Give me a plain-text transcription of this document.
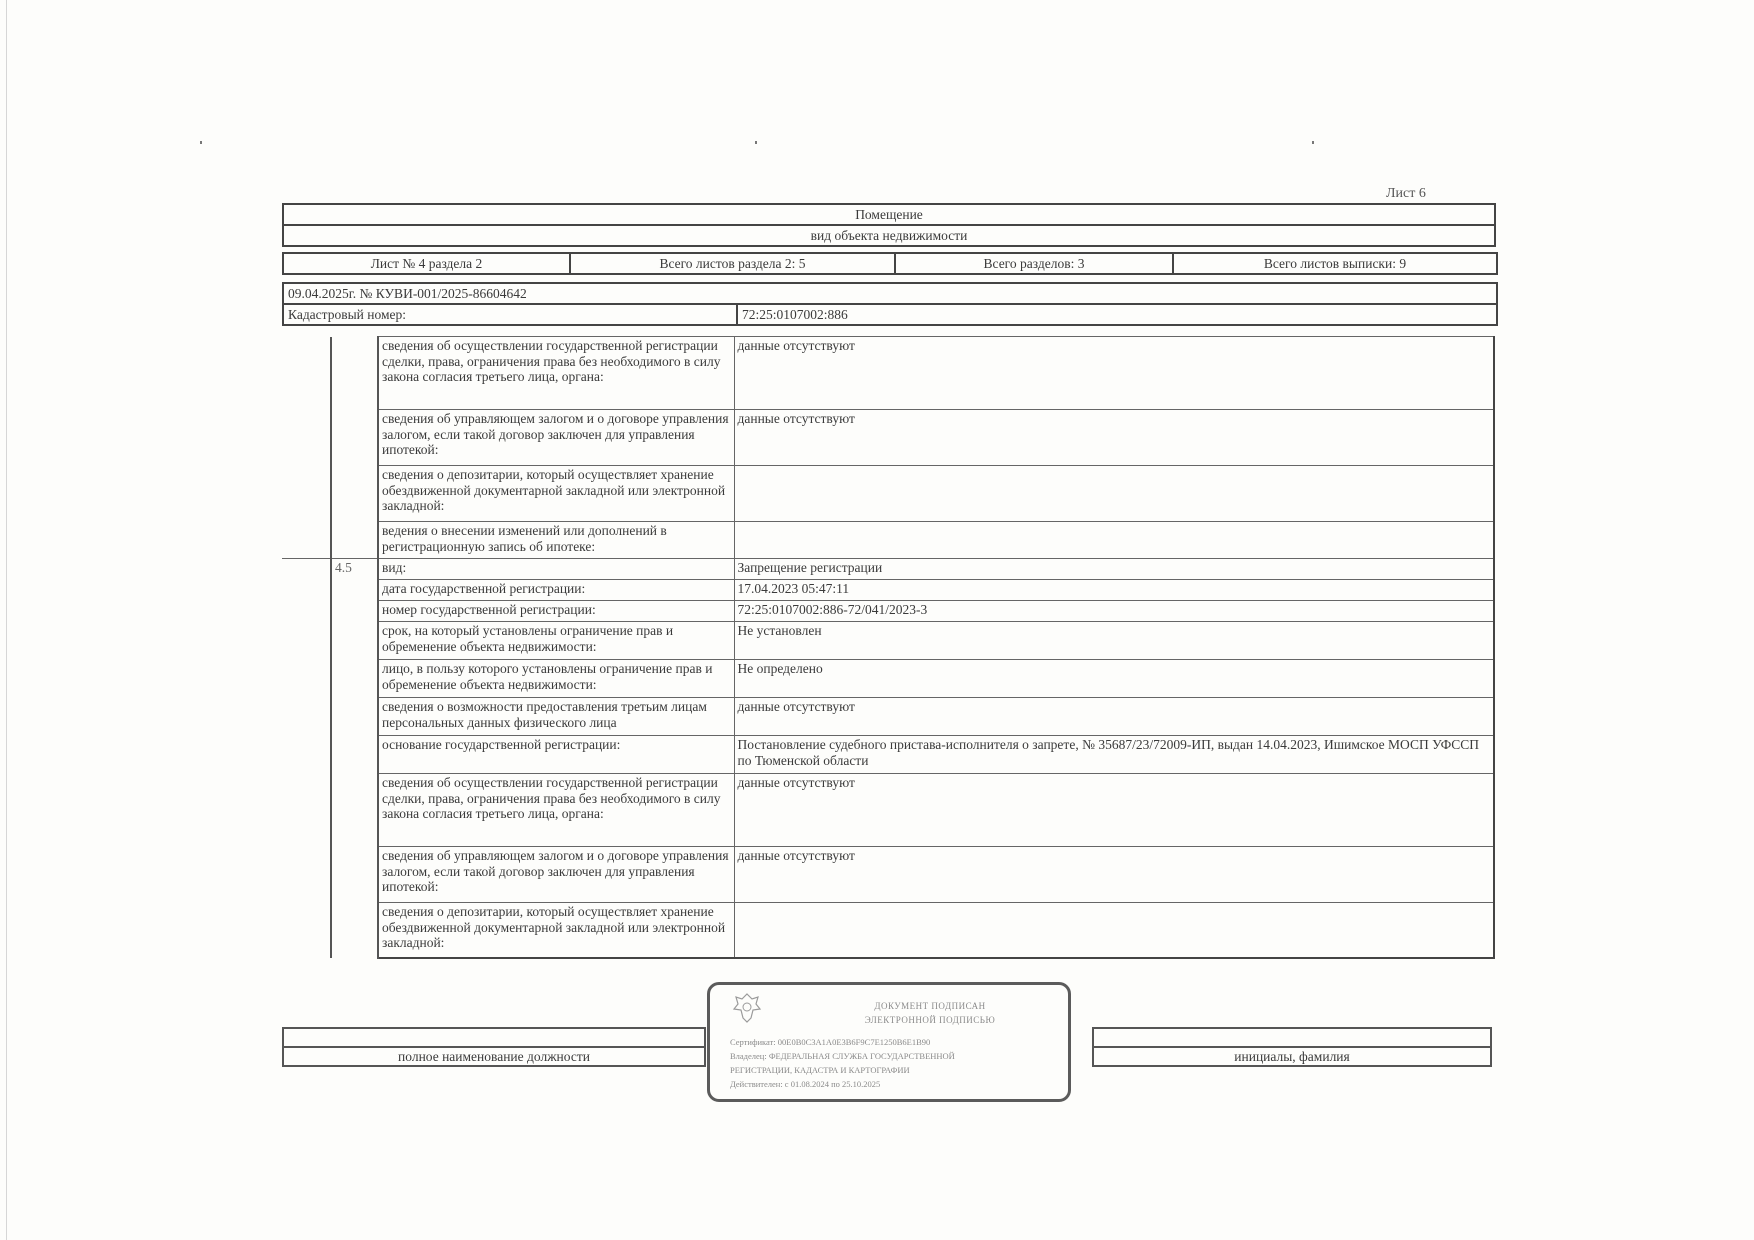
Лист 6
Помещение
вид объекта недвижимости
Лист № 4 раздела 2	Всего листов раздела 2: 5	Всего разделов: 3	Всего листов выписки: 9
09.04.2025г. № КУВИ-001/2025-86604642
Кадастровый номер:	72:25:0107002:886
		сведения об осуществлении государственной регистрации сделки, права, ограничения права без необходимого в силу закона согласия третьего лица, органа:	данные отсутствуют
		сведения об управляющем залогом и о договоре управления залогом, если такой договор заключен для управления ипотекой:	данные отсутствуют
		сведения о депозитарии, который осуществляет хранение обездвиженной документарной закладной или электронной закладной:	
		ведения о внесении изменений или дополнений в регистрационную запись об ипотеке:	
	4.5	вид:	Запрещение регистрации
		дата государственной регистрации:	17.04.2023 05:47:11
		номер государственной регистрации:	72:25:0107002:886-72/041/2023-3
		срок, на который установлены ограничение прав и обременение объекта недвижимости:	Не установлен
		лицо, в пользу которого установлены ограничение прав и обременение объекта недвижимости:	Не определено
		сведения о возможности предоставления третьим лицам персональных данных физического лица	данные отсутствуют
		основание государственной регистрации:	Постановление судебного пристава-исполнителя о запрете, № 35687/23/72009-ИП, выдан 14.04.2023, Ишимское МОСП УФССП по Тюменской области
		сведения об осуществлении государственной регистрации сделки, права, ограничения права без необходимого в силу закона согласия третьего лица, органа:	данные отсутствуют
		сведения об управляющем залогом и о договоре управления залогом, если такой договор заключен для управления ипотекой:	данные отсутствуют
		сведения о депозитарии, который осуществляет хранение обездвиженной документарной закладной или электронной закладной:	

полное наименование должности		инициалы, фамилия
ДОКУМЕНТ ПОДПИСАН
ЭЛЕКТРОННОЙ ПОДПИСЬЮ
Сертификат: 00E0B0C3A1A0E3B6F9C7E1250B6E1B90
Владелец: ФЕДЕРАЛЬНАЯ СЛУЖБА ГОСУДАРСТВЕННОЙ
РЕГИСТРАЦИИ, КАДАСТРА И КАРТОГРАФИИ
Действителен: с 01.08.2024 по 25.10.2025
